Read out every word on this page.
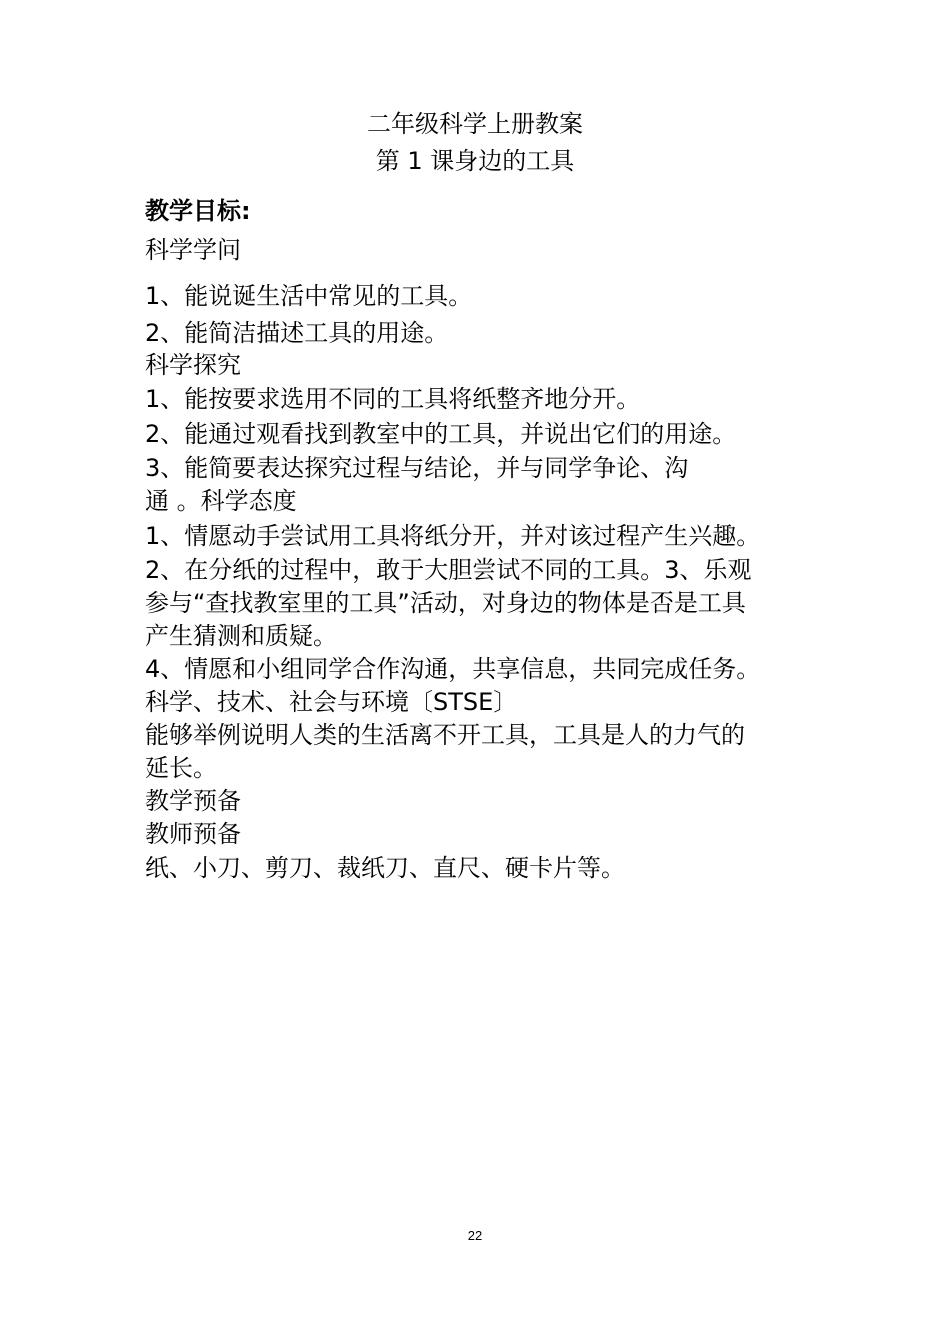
二年级科学上册教案
第 1 课身边的工具
教学目标:
科学学问
1、能说诞生活中常见的工具。
2、能简洁描述工具的用途。
科学探究
1、能按要求选用不同的工具将纸整齐地分开。
2、能通过观看找到教室中的工具，并说出它们的用途。
3、能简要表达探究过程与结论，并与同学争论、沟
通 。科学态度
1、情愿动手尝试用工具将纸分开，并对该过程产生兴趣。
2、在分纸的过程中，敢于大胆尝试不同的工具。3、乐观
参与“查找教室里的工具”活动，对身边的物体是否是工具
产生猜测和质疑。
4、情愿和小组同学合作沟通，共享信息，共同完成任务。
科学、技术、社会与环境〔STSE〕
能够举例说明人类的生活离不开工具，工具是人的力气的
延长。
教学预备
教师预备
纸、小刀、剪刀、裁纸刀、直尺、硬卡片等。
22
